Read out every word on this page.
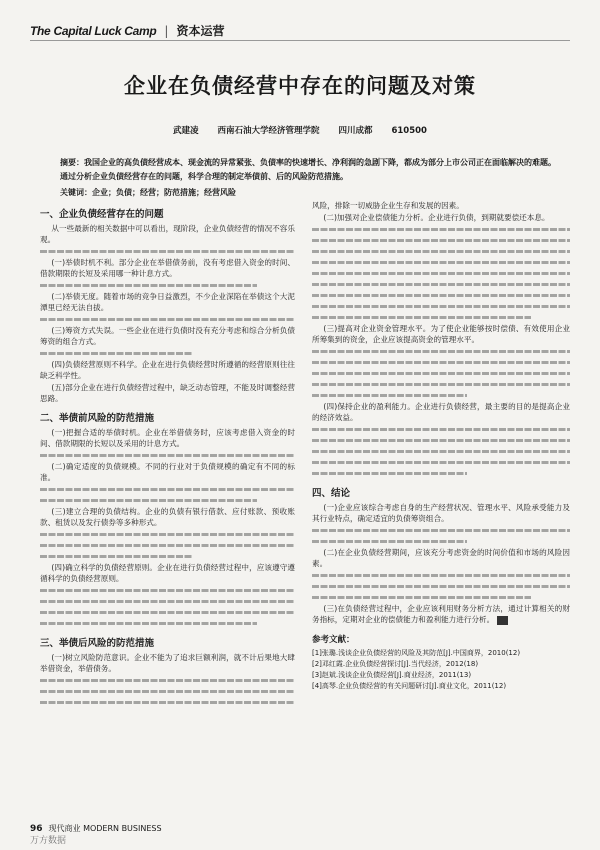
The Capital Luck Camp | 资本运营
企业在负债经营中存在的问题及对策
武建凌 西南石油大学经济管理学院 四川成都 610500
摘要：我国企业的高负债经营成本、现金流的异常紧张、负债率的快速增长、净利润的急剧下降，都成为部分上市公司正在面临解决的难题。通过分析企业负债经营存在的问题，科学合理的制定举债前、后的风险防范措施。
关键词：企业；负债；经营；防范措施；经营风险
一、企业负债经营存在的问题

从一些最新的相关数据中可以看出，现阶段，企业负债经营的情况不容乐观。

(一)举债时机不利。部分企业在举借债务前，没有考虑借入资金的时间、借款期限的长短及采用哪一种计息方式。

(二)举债无度。随着市场的竞争日益激烈，不少企业深陷在举债这个大泥潭里已经无法自拔。

(三)筹资方式失误。一些企业在进行负债时没有充分考虑和综合分析负债筹资的组合方式。

(四)负债经营原则不科学。企业在进行负债经营时所遵循的经营原则往往缺乏科学性。

(五)部分企业在进行负债经营过程中，缺乏动态管理，不能及时调整经营思路。

二、举债前风险的防范措施

(一)把握合适的举债时机。企业在举借债务时，应该考虑借入资金的时间、借款期限的长短以及采用的计息方式。

(二)确定适度的负债规模。不同的行业对于负债规模的确定有不同的标准。

(三)建立合理的负债结构。企业的负债有银行借款、应付账款、预收账款、租赁以及发行债券等多种形式。

(四)确立科学的负债经营原则。企业在进行负债经营过程中，应该遵守遵循科学的负债经营原则。

三、举债后风险的防范措施

(一)树立风险防范意识。企业不能为了追求巨额利润，就不计后果地大肆举借资金，举借债务。

风险，排除一切威胁企业生存和发展的因素。

(二)加强对企业偿债能力分析。企业进行负债，到期就要偿还本息。

(三)提高对企业资金管理水平。为了使企业能够按时偿债、有效使用企业所筹集到的资金，企业应该提高资金的管理水平。

(四)保持企业的盈利能力。企业进行负债经营，最主要的目的是提高企业的经济效益。

四、结论

(一)企业应该综合考虑自身的生产经营状况、管理水平、风险承受能力及其行业特点，确定适宜的负债筹资组合。

(二)在企业负债经营期间，应该充分考虑资金的时间价值和市场的风险因素。

(三)在负债经营过程中，企业应该利用财务分析方法，通过计算相关的财务指标，定期对企业的偿债能力和盈利能力进行分析。

参考文献：
[1]张璐.浅谈企业负债经营的风险及其防范[J].中国商界，2010(12)
[2]邓红霞.企业负债经营探讨[J].当代经济，2012(18)
[3]赵斌.浅谈企业负债经营[J].商业经济，2011(13)
[4]高琴.企业负债经营的有关问题研讨[J].商业文化，2011(12)
96 现代商业 MODERN BUSINESS
万方数据
